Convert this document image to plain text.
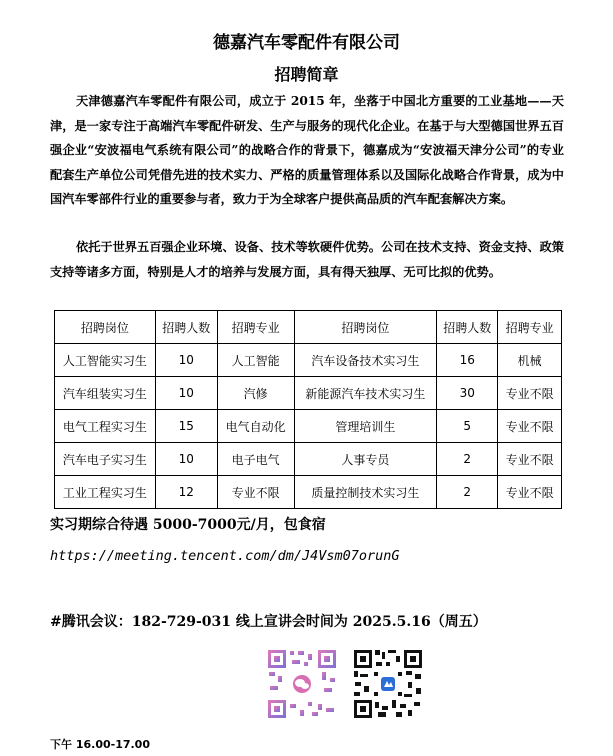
德嘉汽车零配件有限公司
招聘简章

天津德嘉汽车零配件有限公司，成立于 2015 年，坐落于中国北方重要的工业基地——天津，是一家专注于高端汽车零配件研发、生产与服务的现代化企业。在基于与大型德国世界五百强企业“安波福电气系统有限公司”的战略合作的背景下，德嘉成为“安波福天津分公司”的专业配套生产单位公司凭借先进的技术实力、严格的质量管理体系以及国际化战略合作背景，成为中国汽车零部件行业的重要参与者，致力于为全球客户提供高品质的汽车配套解决方案。

依托于世界五百强企业环境、设备、技术等软硬件优势。公司在技术支持、资金支持、政策支持等诸多方面，特别是人才的培养与发展方面，具有得天独厚、无可比拟的优势。

招聘岗位	招聘人数	招聘专业	招聘岗位	招聘人数	招聘专业
人工智能实习生	10	人工智能	汽车设备技术实习生	16	机械
汽车组装实习生	10	汽修	新能源汽车技术实习生	30	专业不限
电气工程实习生	15	电气自动化	管理培训生	5	专业不限
汽车电子实习生	10	电子电气	人事专员	2	专业不限
工业工程实习生	12	专业不限	质量控制技术实习生	2	专业不限
实习期综合待遇 5000-7000元/月，包食宿
https://meeting.tencent.com/dm/J4Vsm07orunG
#腾讯会议：182-729-031 线上宣讲会时间为 2025.5.16（周五）
下午 16.00-17.00
